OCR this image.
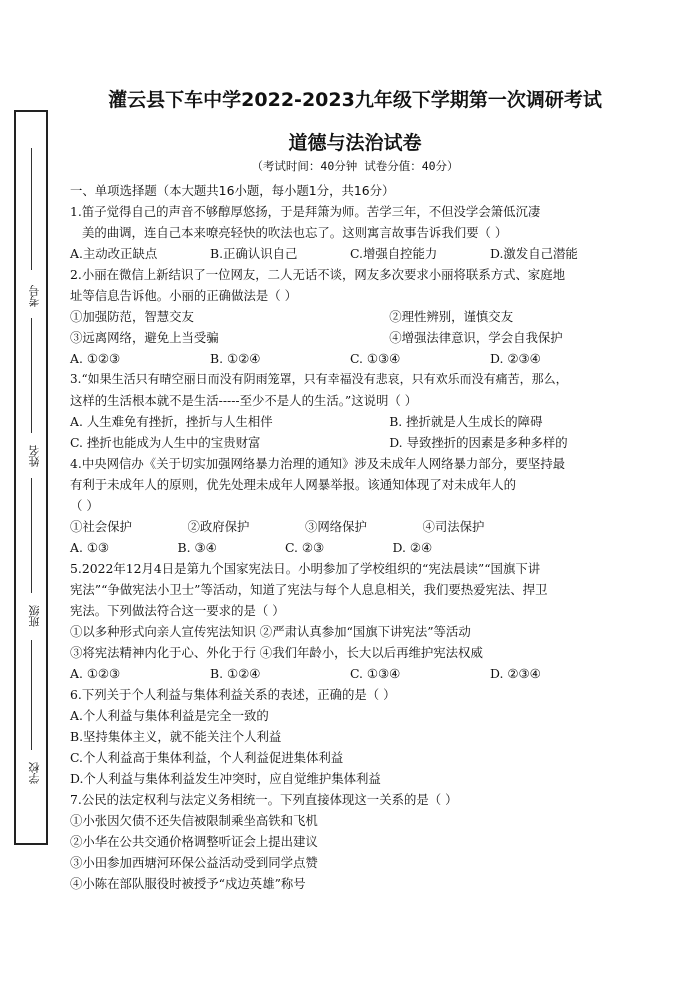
考号
姓名
班级
学校
灌云县下车中学2022-2023九年级下学期第一次调研考试
道德与法治试卷
（考试时间：40分钟 试卷分值：40分）
一、单项选择题（本大题共16小题，每小题1分，共16分）
1.笛子觉得自己的声音不够醇厚悠扬，于是拜箫为师。苦学三年，不但没学会箫低沉凄
美的曲调，连自己本来嘹亮轻快的吹法也忘了。这则寓言故事告诉我们要（ ）
A.主动改正缺点	B.正确认识自己	C.增强自控能力	D.激发自己潜能
2.小丽在微信上新结识了一位网友，二人无话不谈，网友多次要求小丽将联系方式、家庭地
址等信息告诉他。小丽的正确做法是（ ）
①加强防范，智慧交友	②理性辨别，谨慎交友
③远离网络，避免上当受骗	④增强法律意识，学会自我保护
A. ①②③	B. ①②④	C. ①③④	D. ②③④
3.“如果生活只有晴空丽日而没有阴雨笼罩，只有幸福没有悲哀，只有欢乐而没有痛苦，那么，
这样的生活根本就不是生活-----至少不是人的生活。”这说明（ ）
A. 人生难免有挫折，挫折与人生相伴	B. 挫折就是人生成长的障碍
C. 挫折也能成为人生中的宝贵财富	D. 导致挫折的因素是多种多样的
4.中央网信办《关于切实加强网络暴力治理的通知》涉及未成年人网络暴力部分，要坚持最
有利于未成年人的原则，优先处理未成年人网暴举报。该通知体现了对未成年人的
（ ）
①社会保护	②政府保护	③网络保护	④司法保护
A. ①③	B. ③④	C. ②③	D. ②④
5.2022年12月4日是第九个国家宪法日。小明参加了学校组织的“宪法晨读”“国旗下讲
宪法”“争做宪法小卫士”等活动，知道了宪法与每个人息息相关，我们要热爱宪法、捍卫
宪法。下列做法符合这一要求的是（ ）
①以多种形式向亲人宣传宪法知识 ②严肃认真参加“国旗下讲宪法”等活动
③将宪法精神内化于心、外化于行 ④我们年龄小，长大以后再维护宪法权威
A. ①②③	B. ①②④	C. ①③④	D. ②③④
6.下列关于个人利益与集体利益关系的表述，正确的是（ ）
A.个人利益与集体利益是完全一致的
B.坚持集体主义，就不能关注个人利益
C.个人利益高于集体利益，个人利益促进集体利益
D.个人利益与集体利益发生冲突时，应自觉维护集体利益
7.公民的法定权利与法定义务相统一。下列直接体现这一关系的是（ ）
①小张因欠债不还失信被限制乘坐高铁和飞机
②小华在公共交通价格调整听证会上提出建议
③小田参加西塘河环保公益活动受到同学点赞
④小陈在部队服役时被授予“戍边英雄”称号
